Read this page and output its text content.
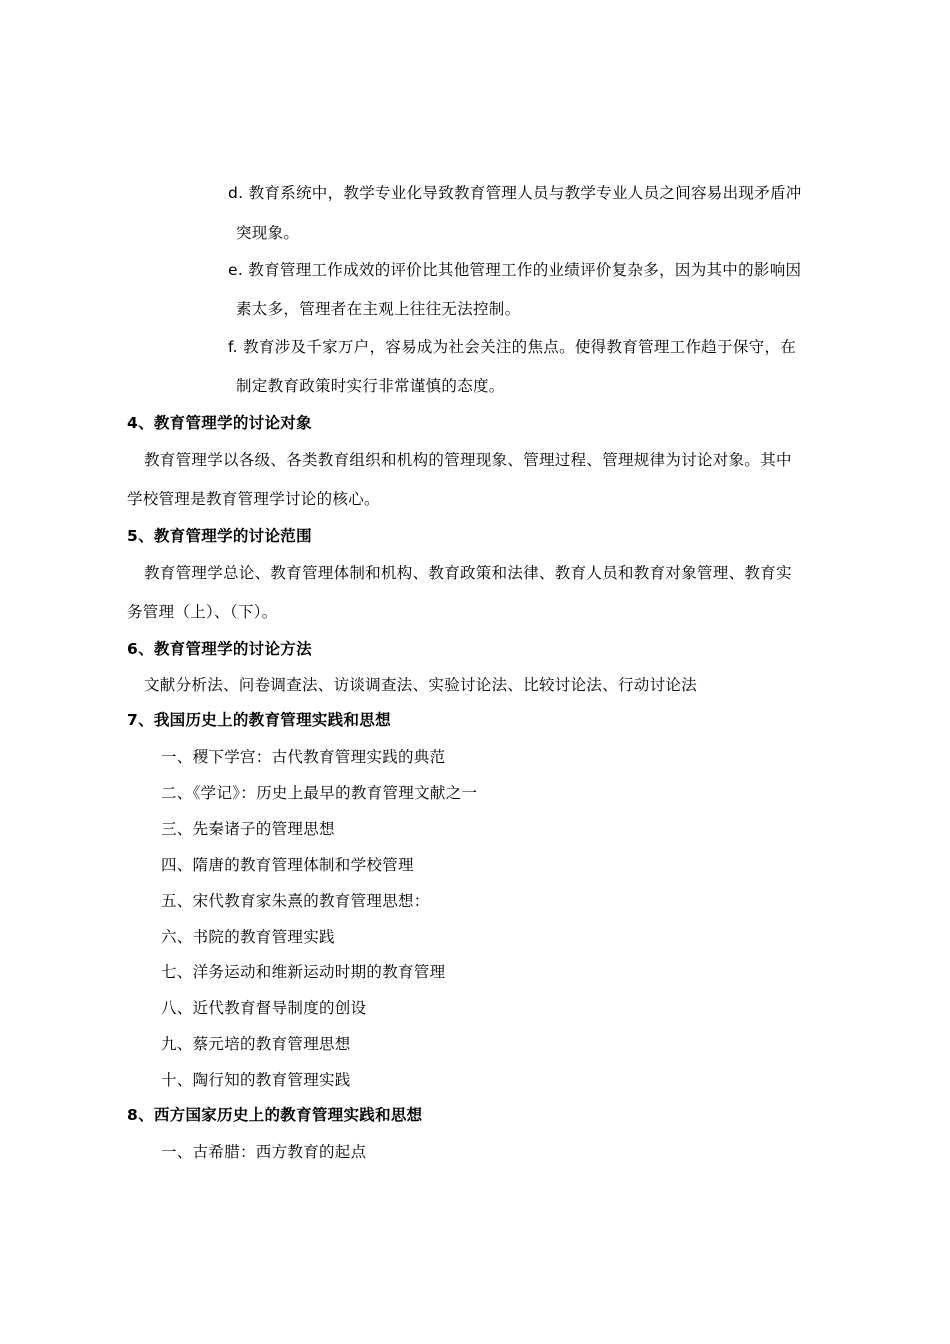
d. 教育系统中，教学专业化导致教育管理人员与教学专业人员之间容易出现矛盾冲
突现象。
e. 教育管理工作成效的评价比其他管理工作的业绩评价复杂多，因为其中的影响因
素太多，管理者在主观上往往无法控制。
f. 教育涉及千家万户，容易成为社会关注的焦点。使得教育管理工作趋于保守，在
制定教育政策时实行非常谨慎的态度。
4、教育管理学的讨论对象
教育管理学以各级、各类教育组织和机构的管理现象、管理过程、管理规律为讨论对象。其中
学校管理是教育管理学讨论的核心。
5、教育管理学的讨论范围
教育管理学总论、教育管理体制和机构、教育政策和法律、教育人员和教育对象管理、教育实
务管理（上）、（下）。
6、教育管理学的讨论方法
文献分析法、问卷调查法、访谈调查法、实验讨论法、比较讨论法、行动讨论法
7、我国历史上的教育管理实践和思想
一、稷下学宫：古代教育管理实践的典范
二、《学记》：历史上最早的教育管理文献之一
三、先秦诸子的管理思想
四、隋唐的教育管理体制和学校管理
五、宋代教育家朱熹的教育管理思想：
六、书院的教育管理实践
七、洋务运动和维新运动时期的教育管理
八、近代教育督导制度的创设
九、蔡元培的教育管理思想
十、陶行知的教育管理实践
8、西方国家历史上的教育管理实践和思想
一、古希腊：西方教育的起点
